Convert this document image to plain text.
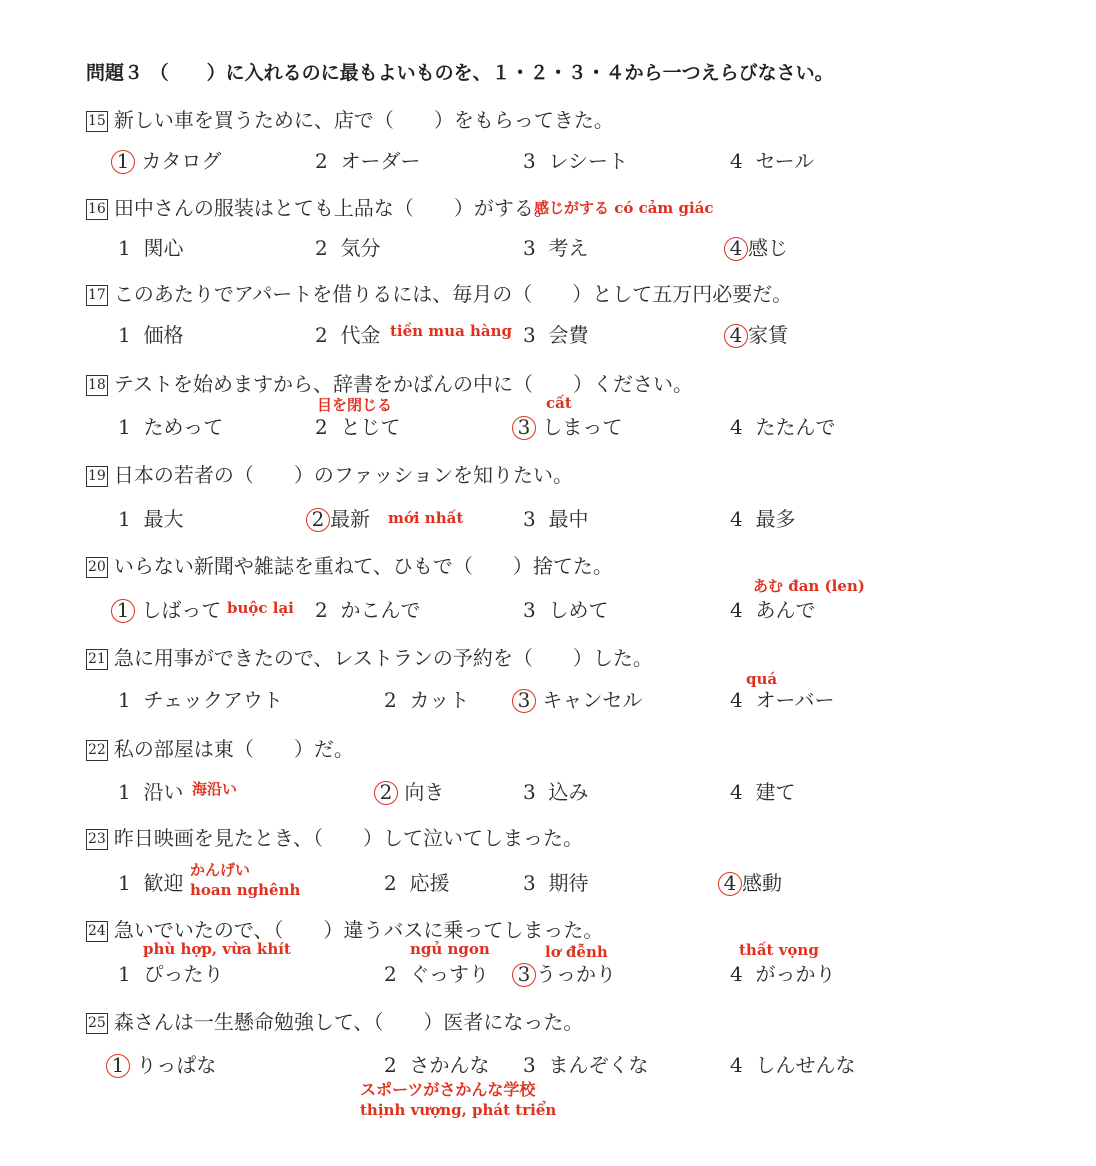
問題３ （　　）に入れるのに最もよいものを、１・２・３・４から一つえらびなさい。
15 新しい車を買うために、店で（　　）をもらってきた。
1 カタログ	2 オーダー	3 レシート	4 セール
16 田中さんの服装はとても上品な（　　）がする。
感じがする có cảm giác
1 関心	2 気分	3 考え	4 感じ
17 このあたりでアパートを借りるには、毎月の（　　）として五万円必要だ。
1 価格	2 代金 tiền mua hàng 3 会費	4 家賃
18 テストを始めますから、辞書をかばんの中に（　　）ください。
目を閉じる	cất
1 ためって	2 とじて	3 しまって	4 たたんで
19 日本の若者の（　　）のファッションを知りたい。
1 最大	2 最新 mới nhất	3 最中	4 最多
20 いらない新聞や雑誌を重ねて、ひもで（　　）捨てた。
あむ đan (len)
1 しばって buộc lại 2 かこんで	3 しめて	4 あんで
21 急に用事ができたので、レストランの予約を（　　）した。
quá
1 チェックアウト	2 カット 3 キャンセル	4 オーバー
22 私の部屋は東（　　）だ。
1 沿い 海沿い	2 向き	3 込み	4 建て
23 昨日映画を見たとき、（　　）して泣いてしまった。
かんげい
hoan nghênh
1 歓迎	2 応援	3 期待	4 感動
24 急いでいたので、（　　）違うバスに乗ってしまった。
phù hợp, vừa khít	ngủ ngon	lơ đễnh	thất vọng
1 ぴったり	2 ぐっすり 3 うっかり	4 がっかり
25 森さんは一生懸命勉強して、（　　）医者になった。
1 りっぱな	2 さかんな 3 まんぞくな	4 しんせんな
スポーツがさかんな学校
thịnh vượng, phát triển
